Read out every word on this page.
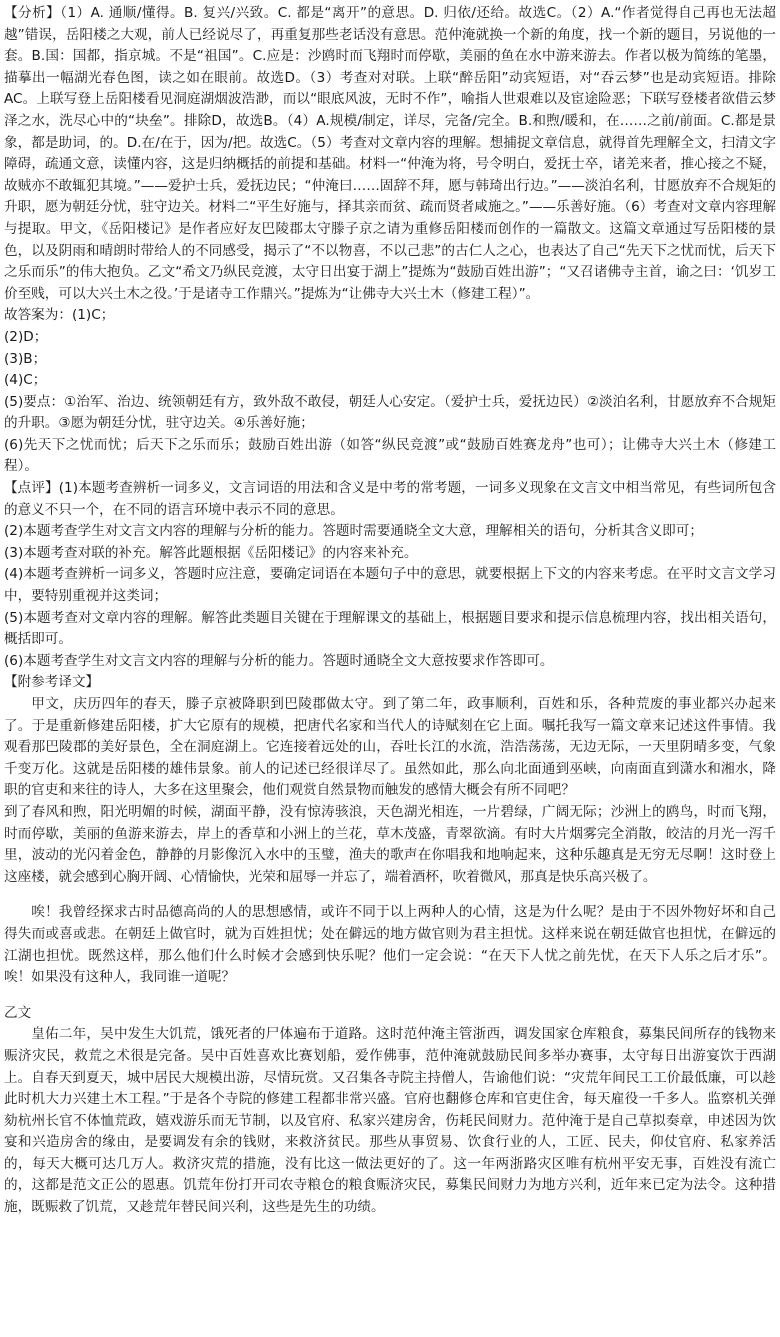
【分析】（1）A. 通顺/懂得。B. 复兴/兴致。C. 都是“离开”的意思。D. 归依/还给。故选C。（2）A.“作者觉得自己再也无法超越”错误，岳阳楼之大观，前人已经说尽了，再重复那些老话没有意思。范仲淹就换一个新的角度，找一个新的题目，另说他的一套。B.国：国都，指京城。不是“祖国”。C.应是：沙鸥时而飞翔时而停歇，美丽的鱼在水中游来游去。作者以极为简练的笔墨，描摹出一幅湖光春色图，读之如在眼前。故选D。（3）考查对对联。上联“醉岳阳”动宾短语，对“吞云梦”也是动宾短语。排除AC。上联写登上岳阳楼看见洞庭湖烟波浩渺，而以“眼底风波，无时不作”，喻指人世艰难以及宦途险恶；下联写登楼者欲借云梦泽之水，洗尽心中的“块垒”。排除D，故选B。（4）A.规模/制定，详尽，完备/完全。B.和煦/暖和，在……之前/前面。C.都是景象，都是助词，的。D.在/在于，因为/把。故选C。（5）考查对文章内容的理解。想捕捉文章信息，就得首先理解全文，扫清文字障碍，疏通文意，读懂内容，这是归纳概括的前提和基础。材料一“仲淹为将，号令明白，爱抚士卒，诸羌来者，推心接之不疑，故贼亦不敢辄犯其境。”——爱护士兵，爱抚边民；“仲淹曰……固辞不拜，愿与韩琦出行边。”——淡泊名利，甘愿放弃不合规矩的升职，愿为朝廷分忧，驻守边关。材料二“平生好施与，择其亲而贫、疏而贤者咸施之。”——乐善好施。（6）考查对文章内容理解与提取。甲文，《岳阳楼记》是作者应好友巴陵郡太守滕子京之请为重修岳阳楼而创作的一篇散文。这篇文章通过写岳阳楼的景色，以及阴雨和晴朗时带给人的不同感受，揭示了“不以物喜，不以己悲”的古仁人之心，也表达了自己“先天下之忧而忧，后天下之乐而乐”的伟大抱负。乙文“希文乃纵民竞渡，太守日出宴于湖上”提炼为“鼓励百姓出游”；“又召诸佛寺主首，谕之曰：‘饥岁工价至贱，可以大兴土木之役。’于是诸寺工作鼎兴。”提炼为“让佛寺大兴土木（修建工程）”。

故答案为：(1)C；

(2)D；

(3)B；

(4)C；

(5)要点：①治军、治边、统领朝廷有方，致外敌不敢侵，朝廷人心安定。（爱护士兵，爱抚边民）②淡泊名利，甘愿放弃不合规矩的升职。③愿为朝廷分忧，驻守边关。④乐善好施；

(6)先天下之忧而忧；后天下之乐而乐；鼓励百姓出游（如答“纵民竞渡”或“鼓励百姓赛龙舟”也可）；让佛寺大兴土木（修建工程）。

【点评】(1)本题考查辨析一词多义，文言词语的用法和含义是中考的常考题，一词多义现象在文言文中相当常见，有些词所包含的意义不只一个，在不同的语言环境中表示不同的意思。

(2)本题考查学生对文言文内容的理解与分析的能力。答题时需要通晓全文大意，理解相关的语句，分析其含义即可；

(3)本题考查对联的补充。解答此题根据《岳阳楼记》的内容来补充。

(4)本题考查辨析一词多义，答题时应注意，要确定词语在本题句子中的意思，就要根据上下文的内容来考虑。在平时文言文学习中，要特别重视并这类词；

(5)本题考查对文章内容的理解。解答此类题目关键在于理解课文的基础上，根据题目要求和提示信息梳理内容，找出相关语句，概括即可。

(6)本题考查学生对文言文内容的理解与分析的能力。答题时通晓全文大意按要求作答即可。

【附参考译文】

甲文，庆历四年的春天，滕子京被降职到巴陵郡做太守。到了第二年，政事顺利，百姓和乐，各种荒废的事业都兴办起来了。于是重新修建岳阳楼，扩大它原有的规模，把唐代名家和当代人的诗赋刻在它上面。嘱托我写一篇文章来记述这件事情。我观看那巴陵郡的美好景色，全在洞庭湖上。它连接着远处的山，吞吐长江的水流，浩浩荡荡，无边无际，一天里阴晴多变，气象千变万化。这就是岳阳楼的雄伟景象。前人的记述已经很详尽了。虽然如此，那么向北面通到巫峡，向南面直到潇水和湘水，降职的官吏和来往的诗人，大多在这里聚会，他们观赏自然景物而触发的感情大概会有所不同吧？

到了春风和煦，阳光明媚的时候，湖面平静，没有惊涛骇浪，天色湖光相连，一片碧绿，广阔无际；沙洲上的鸥鸟，时而飞翔，时而停歇，美丽的鱼游来游去，岸上的香草和小洲上的兰花，草木茂盛，青翠欲滴。有时大片烟雾完全消散，皎洁的月光一泻千里，波动的光闪着金色，静静的月影像沉入水中的玉璧，渔夫的歌声在你唱我和地响起来，这种乐趣真是无穷无尽啊！这时登上这座楼，就会感到心胸开阔、心情愉快，光荣和屈辱一并忘了，端着酒杯，吹着微风，那真是快乐高兴极了。

唉！我曾经探求古时品德高尚的人的思想感情，或许不同于以上两种人的心情，这是为什么呢？是由于不因外物好坏和自己得失而或喜或悲。在朝廷上做官时，就为百姓担忧；处在僻远的地方做官则为君主担忧。这样来说在朝廷做官也担忧，在僻远的江湖也担忧。既然这样，那么他们什么时候才会感到快乐呢？他们一定会说：“在天下人忧之前先忧，在天下人乐之后才乐”。唉！如果没有这种人，我同谁一道呢？

乙文

皇佑二年，吴中发生大饥荒，饿死者的尸体遍布于道路。这时范仲淹主管浙西，调发国家仓库粮食，募集民间所存的钱物来赈济灾民，救荒之术很是完备。吴中百姓喜欢比赛划船，爱作佛事，范仲淹就鼓励民间多举办赛事，太守每日出游宴饮于西湖上。自春天到夏天，城中居民大规模出游，尽情玩赏。又召集各寺院主持僧人，告谕他们说：“灾荒年间民工工价最低廉，可以趁此时机大力兴建土木工程。”于是各个寺院的修建工程都非常兴盛。官府也翻修仓库和官吏住舍，每天雇役一千多人。监察机关弹劾杭州长官不体恤荒政，嬉戏游乐而无节制，以及官府、私家兴建房舍，伤耗民间财力。范仲淹于是自己草拟奏章，申述因为饮宴和兴造房舍的缘由，是要调发有余的钱财，来救济贫民。那些从事贸易、饮食行业的人，工匠、民夫，仰仗官府、私家养活的，每天大概可达几万人。救济灾荒的措施，没有比这一做法更好的了。这一年两浙路灾区唯有杭州平安无事，百姓没有流亡的，这都是范文正公的恩惠。饥荒年份打开司农寺粮仓的粮食赈济灾民，募集民间财力为地方兴利，近年来已定为法令。这种措施，既赈救了饥荒，又趁荒年替民间兴利，这些是先生的功绩。
